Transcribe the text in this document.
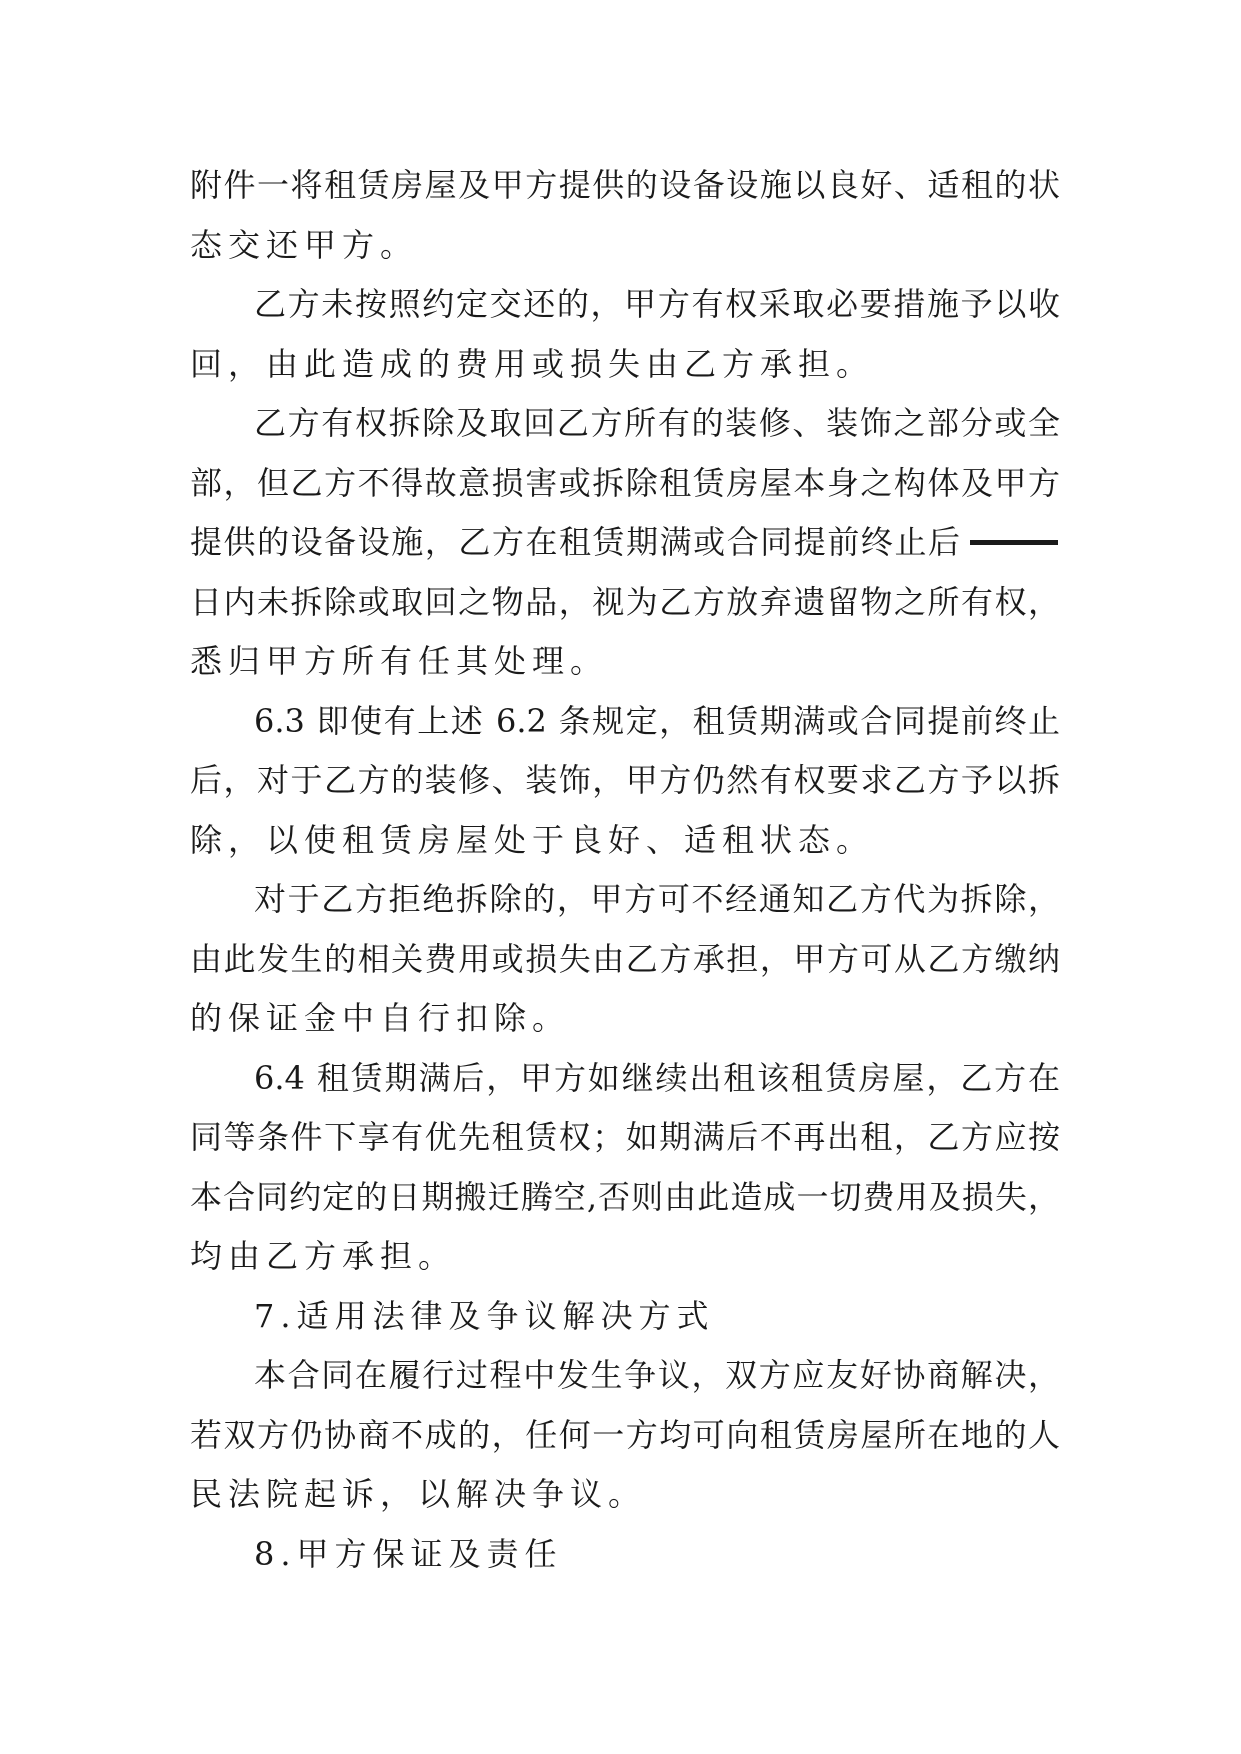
附件一将租赁房屋及甲方提供的设备设施以良好、适租的状
态交还甲方。
乙方未按照约定交还的，甲方有权采取必要措施予以收
回，由此造成的费用或损失由乙方承担。
乙方有权拆除及取回乙方所有的装修、装饰之部分或全
部，但乙方不得故意损害或拆除租赁房屋本身之构体及甲方
提供的设备设施，乙方在租赁期满或合同提前终止后
日内未拆除或取回之物品，视为乙方放弃遗留物之所有权，
悉归甲方所有任其处理。
6.3 即使有上述 6.2 条规定，租赁期满或合同提前终止
后，对于乙方的装修、装饰，甲方仍然有权要求乙方予以拆
除，以使租赁房屋处于良好、适租状态。
对于乙方拒绝拆除的，甲方可不经通知乙方代为拆除，
由此发生的相关费用或损失由乙方承担，甲方可从乙方缴纳
的保证金中自行扣除。
6.4 租赁期满后，甲方如继续出租该租赁房屋，乙方在
同等条件下享有优先租赁权；如期满后不再出租，乙方应按
本合同约定的日期搬迁腾空,否则由此造成一切费用及损失，
均由乙方承担。
7.适用法律及争议解决方式
本合同在履行过程中发生争议，双方应友好协商解决，
若双方仍协商不成的，任何一方均可向租赁房屋所在地的人
民法院起诉，以解决争议。
8.甲方保证及责任
